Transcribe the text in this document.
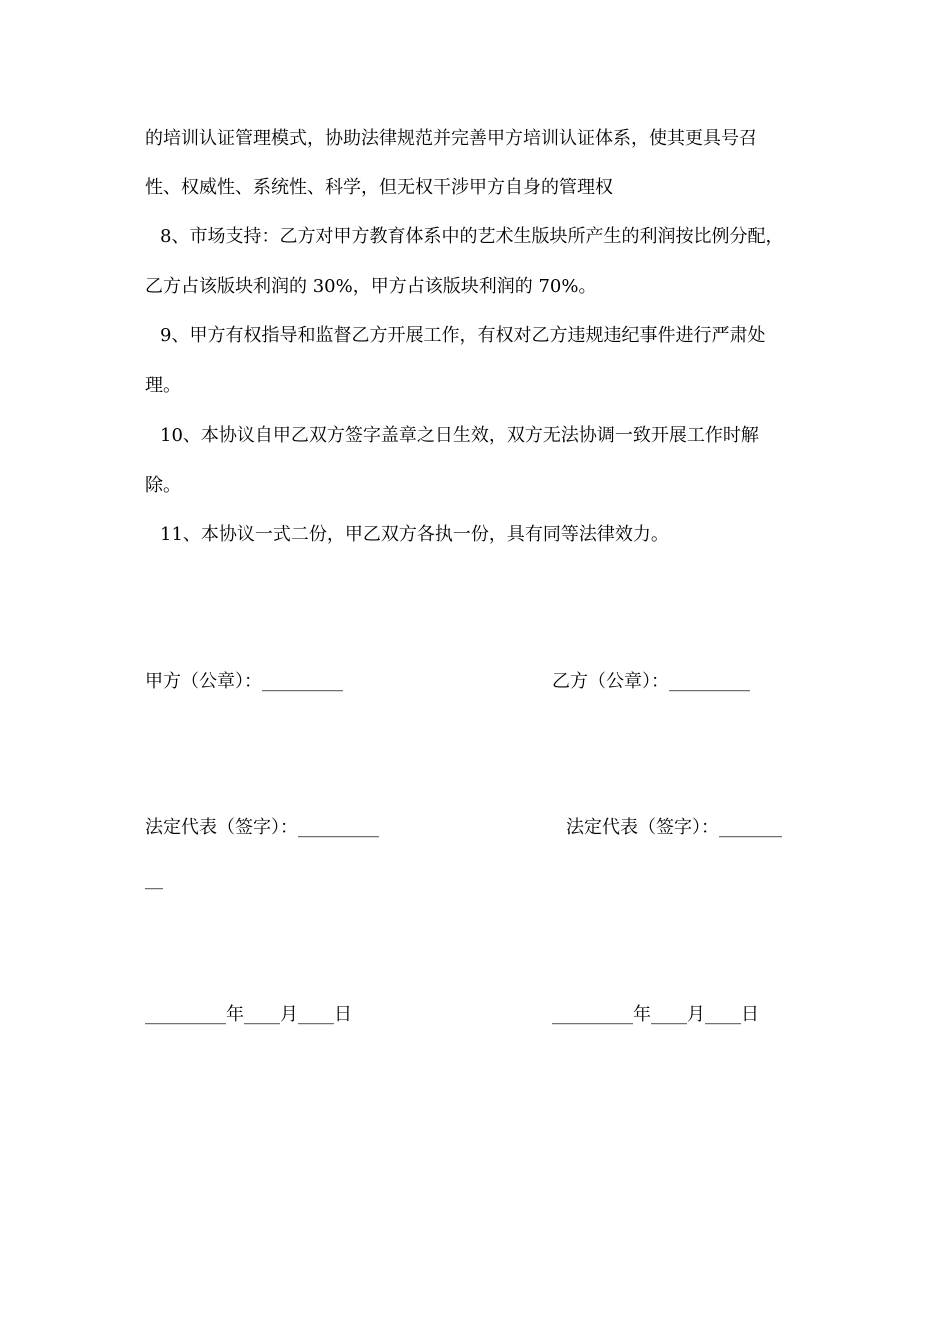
的培训认证管理模式，协助法律规范并完善甲方培训认证体系，使其更具号召
性、权威性、系统性、科学，但无权干涉甲方自身的管理权
8、市场支持：乙方对甲方教育体系中的艺术生版块所产生的利润按比例分配，
乙方占该版块利润的 30%，甲方占该版块利润的 70%。
9、甲方有权指导和监督乙方开展工作，有权对乙方违规违纪事件进行严肃处
理。
10、本协议自甲乙双方签字盖章之日生效，双方无法协调一致开展工作时解
除。
11、本协议一式二份，甲乙双方各执一份，具有同等法律效力。
甲方（公章）：_________	乙方（公章）：_________
法定代表（签字）：_________	法定代表（签字）：_______
__
_________年____月____日	_________年____月____日
